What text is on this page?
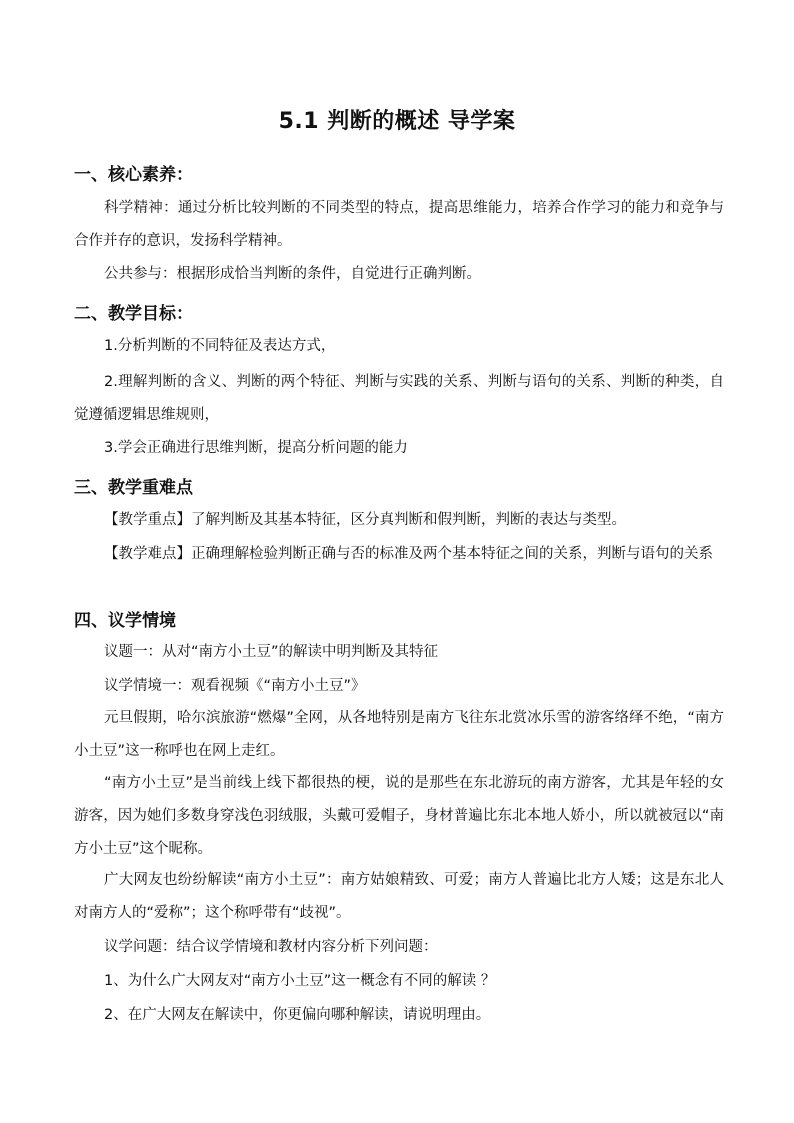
5.1 判断的概述 导学案
一、核心素养：
科学精神：通过分析比较判断的不同类型的特点，提高思维能力，培养合作学习的能力和竞争与合作并存的意识，发扬科学精神。
公共参与：根据形成恰当判断的条件，自觉进行正确判断。
二、教学目标：
1.分析判断的不同特征及表达方式，
2.理解判断的含义、判断的两个特征、判断与实践的关系、判断与语句的关系、判断的种类，自觉遵循逻辑思维规则，
3.学会正确进行思维判断，提高分析问题的能力
三、教学重难点
【教学重点】了解判断及其基本特征，区分真判断和假判断，判断的表达与类型。
【教学难点】正确理解检验判断正确与否的标准及两个基本特征之间的关系，判断与语句的关系
四、议学情境
议题一：从对“南方小土豆”的解读中明判断及其特征
议学情境一：观看视频《“南方小土豆”》
元旦假期，哈尔滨旅游“燃爆”全网，从各地特别是南方飞往东北赏冰乐雪的游客络绎不绝，“南方小土豆”这一称呼也在网上走红。
“南方小土豆”是当前线上线下都很热的梗，说的是那些在东北游玩的南方游客，尤其是年轻的女游客，因为她们多数身穿浅色羽绒服，头戴可爱帽子，身材普遍比东北本地人娇小，所以就被冠以“南方小土豆”这个昵称。
广大网友也纷纷解读“南方小土豆”：南方姑娘精致、可爱；南方人普遍比北方人矮；这是东北人对南方人的“爱称”；这个称呼带有“歧视”。
议学问题：结合议学情境和教材内容分析下列问题：
1、为什么广大网友对“南方小土豆”这一概念有不同的解读 ？
2、在广大网友在解读中，你更偏向哪种解读，请说明理由。
